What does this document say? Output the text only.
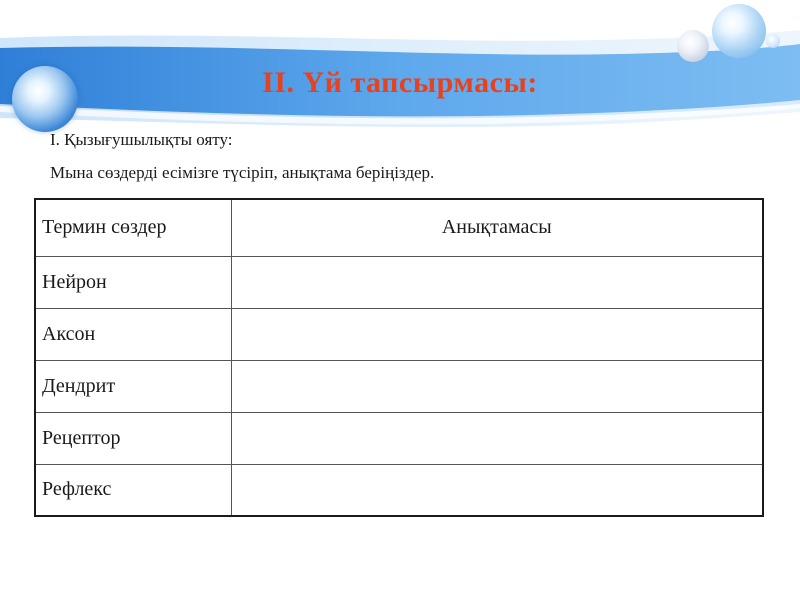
II. Үй тапсырмасы:

І. Қызығушылықты ояту:

Мына сөздерді есімізге түсіріп, анықтама беріңіздер.

Термин сөздер	Анықтамасы
Нейрон	
Аксон	
Дендрит	
Рецептор	
Рефлекс	
